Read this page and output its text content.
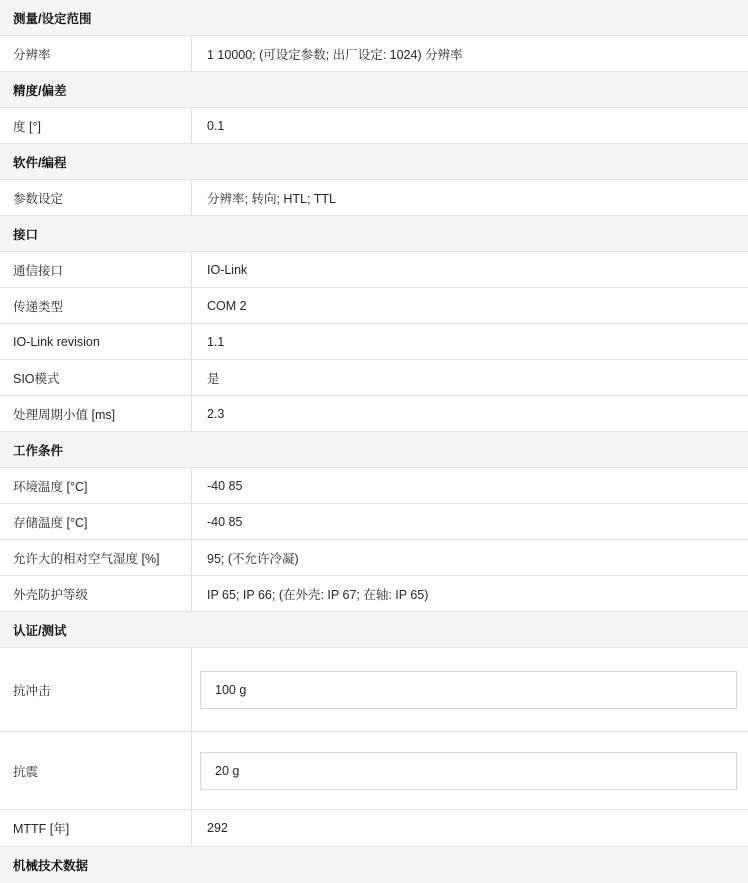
测量/设定范围
分辨率	1 10000; (可设定参数; 出厂设定: 1024) 分辨率
精度/偏差
度 [°]	0.1
软件/编程
参数设定	分辨率; 转向; HTL; TTL
接口
通信接口	IO-Link
传递类型	COM 2
IO-Link revision	1.1
SIO模式	是
处理周期小值 [ms]	2.3
工作条件
环境温度 [°C]	-40 85
存储温度 [°C]	-40 85
允许大的相对空气湿度 [%]	95; (不允许冷凝)
外壳防护等级	IP 65; IP 66; (在外壳: IP 67; 在轴: IP 65)
认证/测试
抗冲击	100 g
抗震	20 g
MTTF [年]	292
机械技术数据
